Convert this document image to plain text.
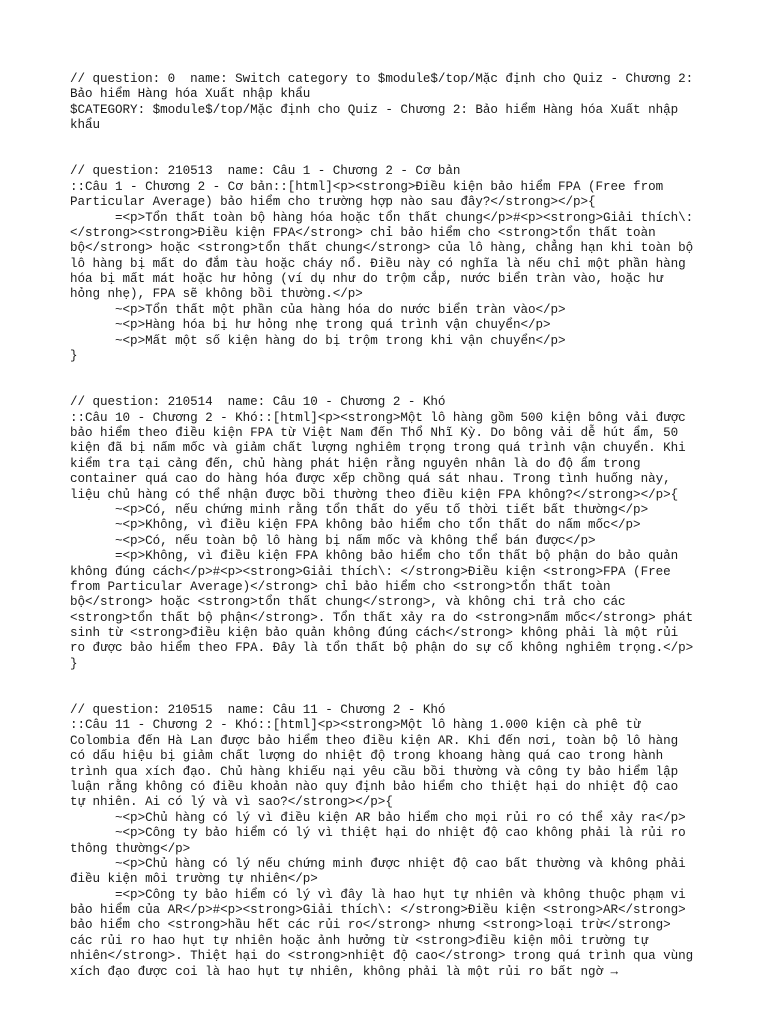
// question: 0  name: Switch category to $module$/top/Mặc định cho Quiz - Chương 2:
Bảo hiểm Hàng hóa Xuất nhập khẩu
$CATEGORY: $module$/top/Mặc định cho Quiz - Chương 2: Bảo hiểm Hàng hóa Xuất nhập
khẩu
// question: 210513  name: Câu 1 - Chương 2 - Cơ bản
::Câu 1 - Chương 2 - Cơ bản::[html]<p><strong>Điều kiện bảo hiểm FPA (Free from
Particular Average) bảo hiểm cho trường hợp nào sau đây?</strong></p>{
=<p>Tổn thất toàn bộ hàng hóa hoặc tổn thất chung</p>#<p><strong>Giải thích\:
</strong><strong>Điều kiện FPA</strong> chỉ bảo hiểm cho <strong>tổn thất toàn
bộ</strong> hoặc <strong>tổn thất chung</strong> của lô hàng, chẳng hạn khi toàn bộ
lô hàng bị mất do đắm tàu hoặc cháy nổ. Điều này có nghĩa là nếu chỉ một phần hàng
hóa bị mất mát hoặc hư hỏng (ví dụ như do trộm cắp, nước biển tràn vào, hoặc hư
hỏng nhẹ), FPA sẽ không bồi thường.</p>
~<p>Tổn thất một phần của hàng hóa do nước biển tràn vào</p>
~<p>Hàng hóa bị hư hỏng nhẹ trong quá trình vận chuyển</p>
~<p>Mất một số kiện hàng do bị trộm trong khi vận chuyển</p>
}
// question: 210514  name: Câu 10 - Chương 2 - Khó
::Câu 10 - Chương 2 - Khó::[html]<p><strong>Một lô hàng gồm 500 kiện bông vải được
bảo hiểm theo điều kiện FPA từ Việt Nam đến Thổ Nhĩ Kỳ. Do bông vải dễ hút ẩm, 50
kiện đã bị nấm mốc và giảm chất lượng nghiêm trọng trong quá trình vận chuyển. Khi
kiểm tra tại cảng đến, chủ hàng phát hiện rằng nguyên nhân là do độ ẩm trong
container quá cao do hàng hóa được xếp chồng quá sát nhau. Trong tình huống này,
liệu chủ hàng có thể nhận được bồi thường theo điều kiện FPA không?</strong></p>{
~<p>Có, nếu chứng minh rằng tổn thất do yếu tố thời tiết bất thường</p>
~<p>Không, vì điều kiện FPA không bảo hiểm cho tổn thất do nấm mốc</p>
~<p>Có, nếu toàn bộ lô hàng bị nấm mốc và không thể bán được</p>
=<p>Không, vì điều kiện FPA không bảo hiểm cho tổn thất bộ phận do bảo quản
không đúng cách</p>#<p><strong>Giải thích\: </strong>Điều kiện <strong>FPA (Free
from Particular Average)</strong> chỉ bảo hiểm cho <strong>tổn thất toàn
bộ</strong> hoặc <strong>tổn thất chung</strong>, và không chi trả cho các
<strong>tổn thất bộ phận</strong>. Tổn thất xảy ra do <strong>nấm mốc</strong> phát
sinh từ <strong>điều kiện bảo quản không đúng cách</strong> không phải là một rủi
ro được bảo hiểm theo FPA. Đây là tổn thất bộ phận do sự cố không nghiêm trọng.</p>
}
// question: 210515  name: Câu 11 - Chương 2 - Khó
::Câu 11 - Chương 2 - Khó::[html]<p><strong>Một lô hàng 1.000 kiện cà phê từ
Colombia đến Hà Lan được bảo hiểm theo điều kiện AR. Khi đến nơi, toàn bộ lô hàng
có dấu hiệu bị giảm chất lượng do nhiệt độ trong khoang hàng quá cao trong hành
trình qua xích đạo. Chủ hàng khiếu nại yêu cầu bồi thường và công ty bảo hiểm lập
luận rằng không có điều khoản nào quy định bảo hiểm cho thiệt hại do nhiệt độ cao
tự nhiên. Ai có lý và vì sao?</strong></p>{
~<p>Chủ hàng có lý vì điều kiện AR bảo hiểm cho mọi rủi ro có thể xảy ra</p>
~<p>Công ty bảo hiểm có lý vì thiệt hại do nhiệt độ cao không phải là rủi ro
thông thường</p>
~<p>Chủ hàng có lý nếu chứng minh được nhiệt độ cao bất thường và không phải
điều kiện môi trường tự nhiên</p>
=<p>Công ty bảo hiểm có lý vì đây là hao hụt tự nhiên và không thuộc phạm vi
bảo hiểm của AR</p>#<p><strong>Giải thích\: </strong>Điều kiện <strong>AR</strong>
bảo hiểm cho <strong>hầu hết các rủi ro</strong> nhưng <strong>loại trừ</strong>
các rủi ro hao hụt tự nhiên hoặc ảnh hưởng từ <strong>điều kiện môi trường tự
nhiên</strong>. Thiệt hại do <strong>nhiệt độ cao</strong> trong quá trình qua vùng
xích đạo được coi là hao hụt tự nhiên, không phải là một rủi ro bất ngờ →
